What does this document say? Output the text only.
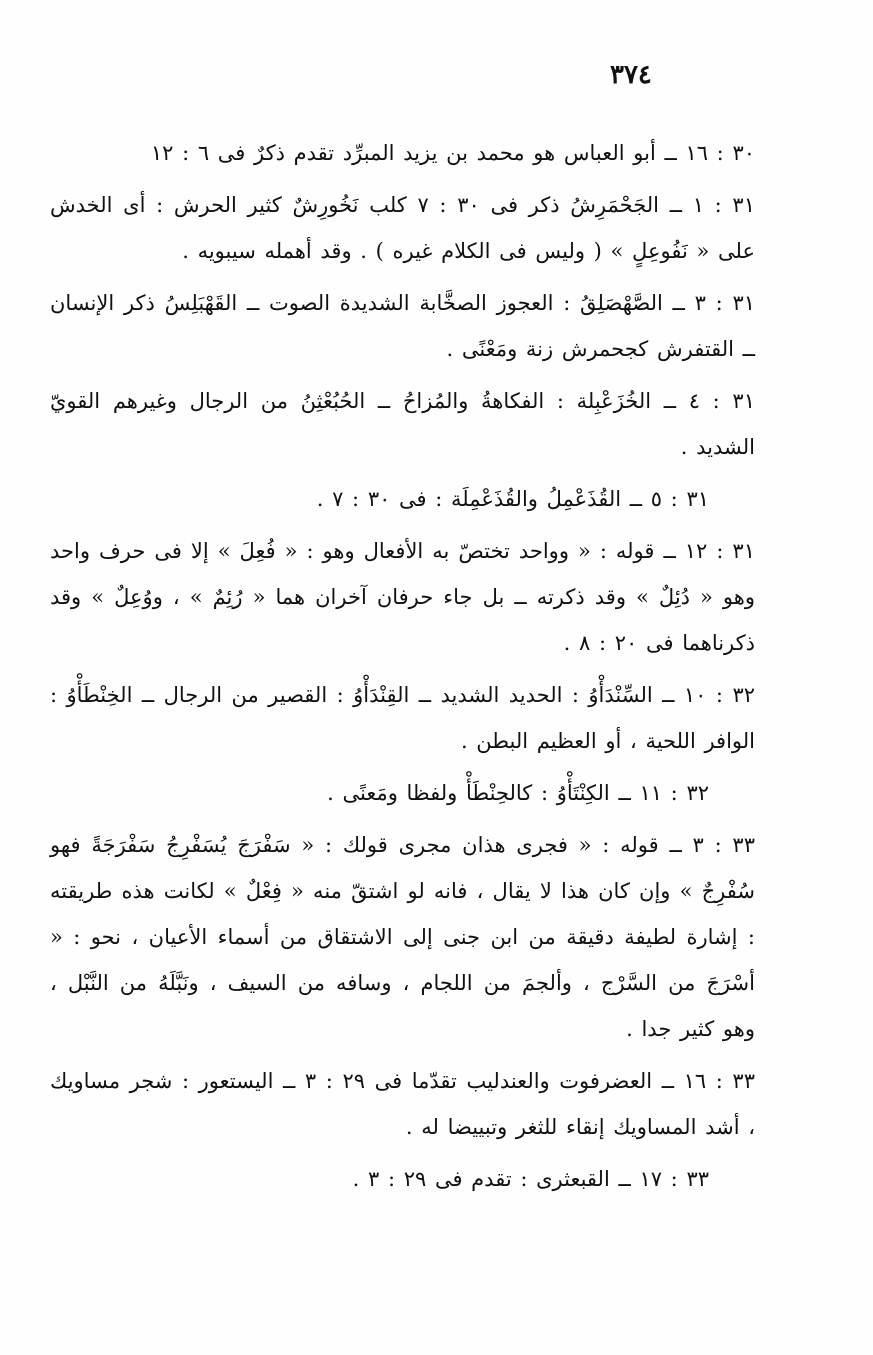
٣٧٤

٣٠ : ١٦ ــ أبو العباس هو محمد بن يزيد المبرِّد تقدم ذكرٌ فى ٦ : ١٢

٣١ : ١ ــ الجَحْمَرِشُ ذكر فى ٣٠ : ٧ كلب نَخُورِشٌ كثير الحرش : أى الخدش على « نَفُوعِلٍ » ( وليس فى الكلام غيره ) . وقد أهمله سيبويه .

٣١ : ٣ ــ الصَّهْصَلِقُ : العجوز الصخَّابة الشديدة الصوت ــ القَهْبَلِسُ ذكر الإنسان ــ القتفرش كجحمرش زنة ومَعْنًى .

٣١ : ٤ ــ الخُزَعْبِلة : الفكاهةُ والمُزاحُ ــ الحُبُعْثِنُ من الرجال وغيرهم القويّ الشديد .

٣١ : ٥ ــ القُذَعْمِلُ والقُذَعْمِلَة : فى ٣٠ : ٧ .

٣١ : ١٢ ــ قوله : « وواحد تختصّ به الأفعال وهو : « فُعِلَ » إلا فى حرف واحد وهو « دُئِلٌ » وقد ذكرته ــ بل جاء حرفان آخران هما « رُئِمٌ » ، ووُعِلٌ » وقد ذكرناهما فى ٢٠ : ٨ .

٣٢ : ١٠ ــ السِّنْدَأْوُ : الحديد الشديد ــ القِنْدَأْوُ : القصير من الرجال ــ الخِنْطَأْوُ : الوافر اللحية ، أو العظيم البطن .

٣٢ : ١١ ــ الكِنْتَأْوُ : كالحِنْطَأْ ولفظا ومَعنًى .

٣٣ : ٣ ــ قوله : « فجرى هذان مجرى قولك : « سَفْرَجَ يُسَفْرِجُ سَفْرَجَةً فهو سُفْرِجٌ » وإن كان هذا لا يقال ، فانه لو اشتقّ منه « فِعْلٌ » لكانت هذه طريقته : إشارة لطيفة دقيقة من ابن جنى إلى الاشتقاق من أسماء الأعيان ، نحو : « أسْرَجَ من السَّرْج ، وألجمَ من اللجام ، وسافه من السيف ، ونَبَّلَهُ من النَّبْل ، وهو كثير جدا .

٣٣ : ١٦ ــ العضرفوت والعندليب تقدّما فى ٢٩ : ٣ ــ اليستعور : شجر مساويك ، أشد المساويك إنقاء للثغر وتبييضا له .

٣٣ : ١٧ ــ القبعثرى : تقدم فى ٢٩ : ٣ .
